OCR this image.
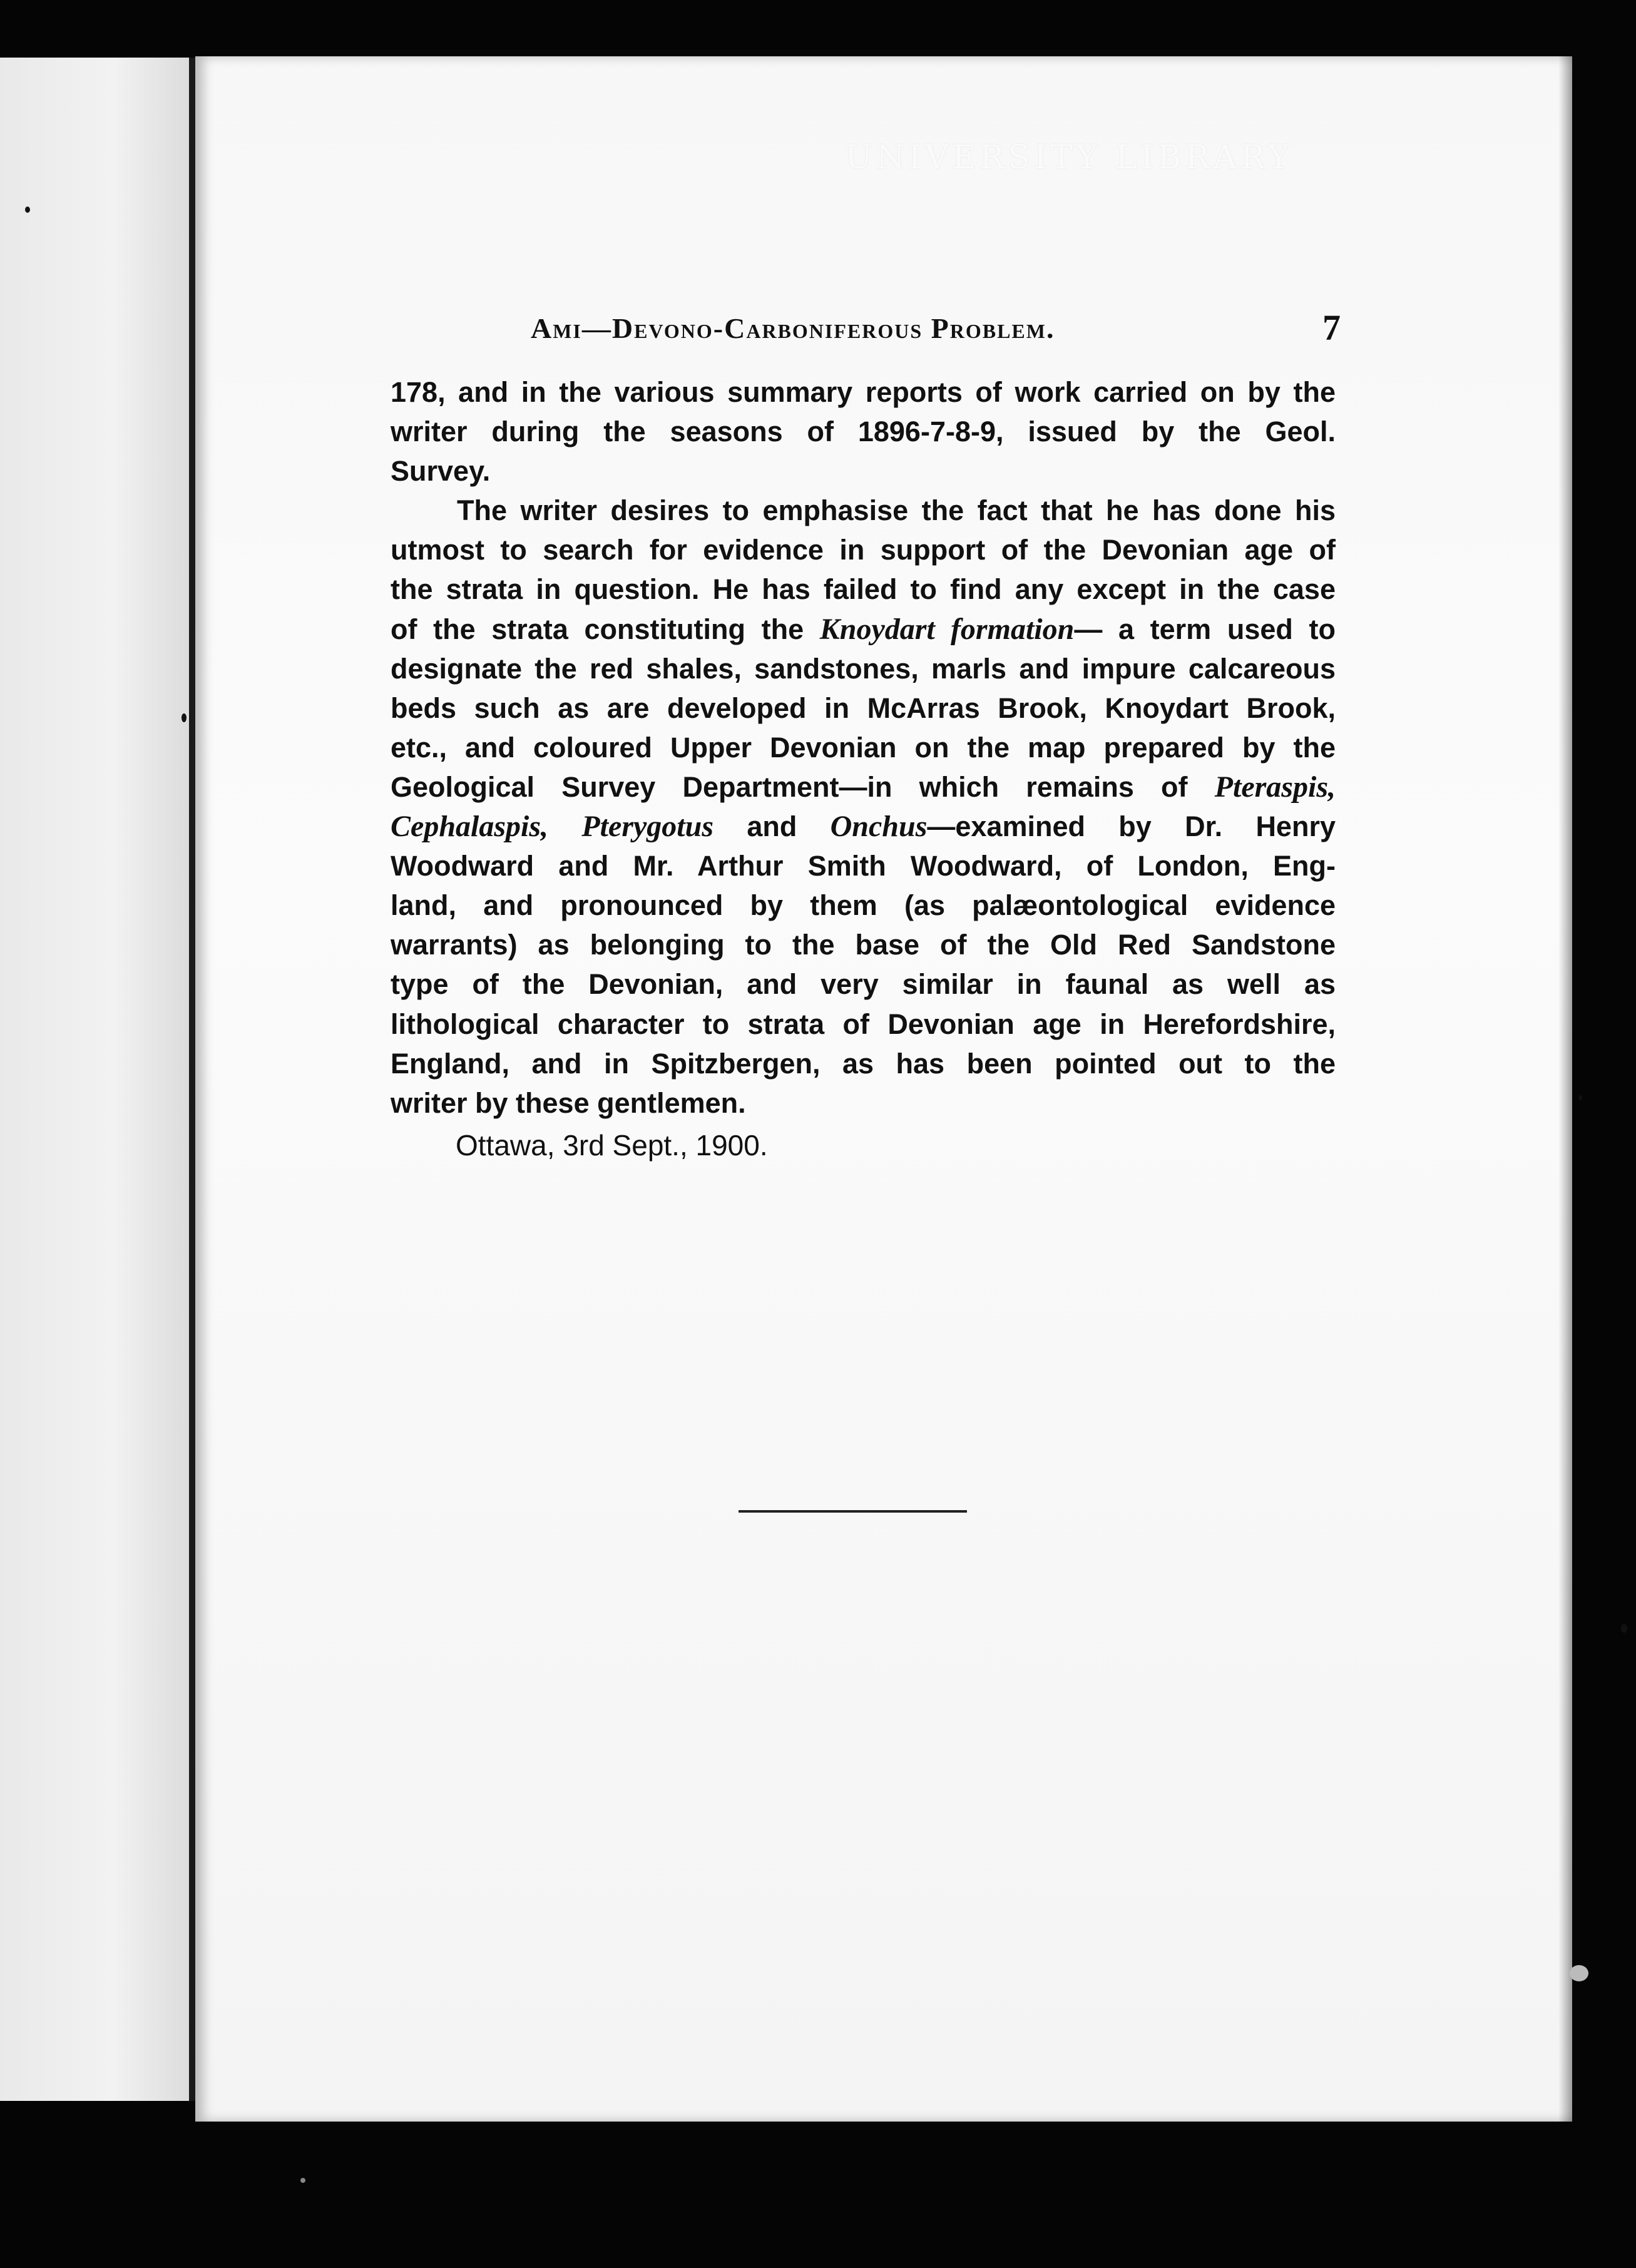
UNIVERSITY LIBRARY
Ami—Devono-Carboniferous Problem.	7
178, and in the various summary reports of work carried on by the
writer during the seasons of 1896-7-8-9, issued by the Geol.
Survey.
The writer desires to emphasise the fact that he has done his
utmost to search for evidence in support of the Devonian age of
the strata in question. He has failed to find any except in the case
of the strata constituting the Knoydart formation— a term used to
designate the red shales, sandstones, marls and impure calcareous
beds such as are developed in McArras Brook, Knoydart Brook,
etc., and coloured Upper Devonian on the map prepared by the
Geological Survey Department—in which remains of Pteraspis,
Cephalaspis, Pterygotus and Onchus—examined by Dr. Henry
Woodward and Mr. Arthur Smith Woodward, of London, Eng-
land, and pronounced by them (as palæontological evidence
warrants) as belonging to the base of the Old Red Sandstone
type of the Devonian, and very similar in faunal as well as
lithological character to strata of Devonian age in Herefordshire,
England, and in Spitzbergen, as has been pointed out to the
writer by these gentlemen.
Ottawa, 3rd Sept., 1900.
